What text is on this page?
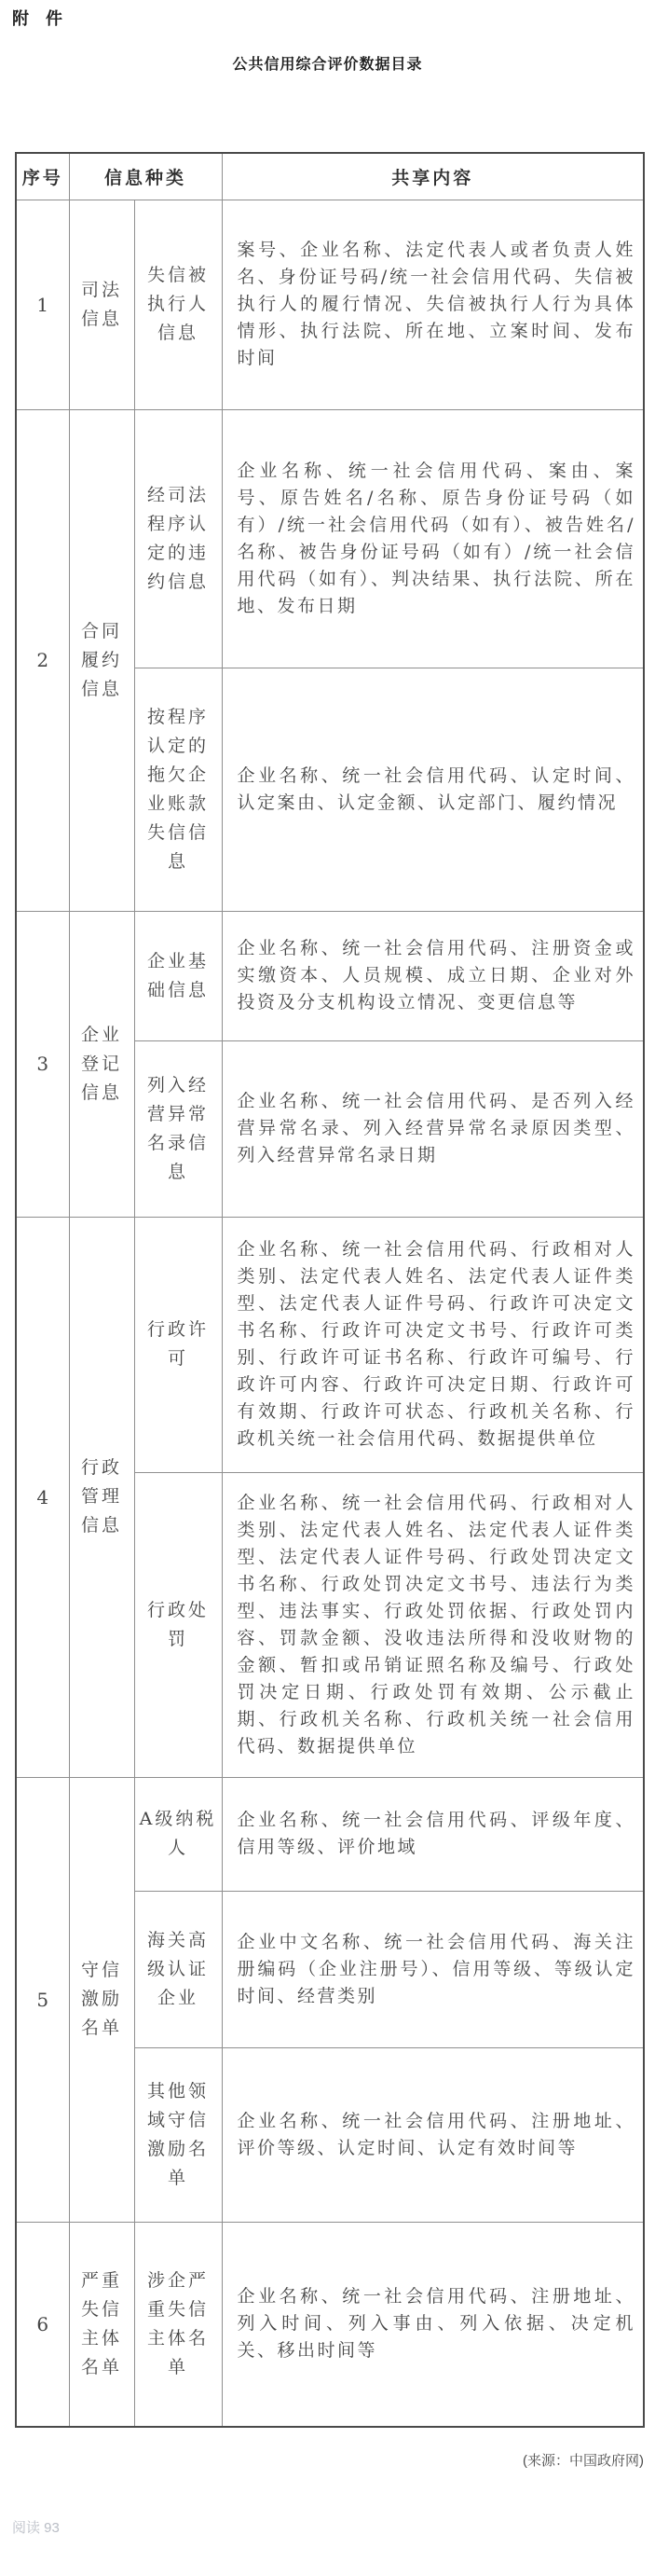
附　件
公共信用综合评价数据目录
序号	信息种类		共享内容
1	司法信息	失信被执行人信息	案号、企业名称、法定代表人或者负责人姓名、身份证号码/统一社会信用代码、失信被执行人的履行情况、失信被执行人行为具体情形、执行法院、所在地、立案时间、发布时间
2	合同履约信息	经司法程序认定的违约信息	企业名称、统一社会信用代码、案由、案号、原告姓名/名称、原告身份证号码（如有）/统一社会信用代码（如有）、被告姓名/名称、被告身份证号码（如有）/统一社会信用代码（如有）、判决结果、执行法院、所在地、发布日期
		按程序认定的拖欠企业账款失信信息	企业名称、统一社会信用代码、认定时间、认定案由、认定金额、认定部门、履约情况
3	企业登记信息	企业基础信息	企业名称、统一社会信用代码、注册资金或实缴资本、人员规模、成立日期、企业对外投资及分支机构设立情况、变更信息等
		列入经营异常名录信息	企业名称、统一社会信用代码、是否列入经营异常名录、列入经营异常名录原因类型、列入经营异常名录日期
4	行政管理信息	行政许可	企业名称、统一社会信用代码、行政相对人类别、法定代表人姓名、法定代表人证件类型、法定代表人证件号码、行政许可决定文书名称、行政许可决定文书号、行政许可类别、行政许可证书名称、行政许可编号、行政许可内容、行政许可决定日期、行政许可有效期、行政许可状态、行政机关名称、行政机关统一社会信用代码、数据提供单位
		行政处罚	企业名称、统一社会信用代码、行政相对人类别、法定代表人姓名、法定代表人证件类型、法定代表人证件号码、行政处罚决定文书名称、行政处罚决定文书号、违法行为类型、违法事实、行政处罚依据、行政处罚内容、罚款金额、没收违法所得和没收财物的金额、暂扣或吊销证照名称及编号、行政处罚决定日期、行政处罚有效期、公示截止期、行政机关名称、行政机关统一社会信用代码、数据提供单位
5	守信激励名单	A级纳税人	企业名称、统一社会信用代码、评级年度、信用等级、评价地域
		海关高级认证企业	企业中文名称、统一社会信用代码、海关注册编码（企业注册号）、信用等级、等级认定时间、经营类别
		其他领域守信激励名单	企业名称、统一社会信用代码、注册地址、评价等级、认定时间、认定有效时间等
6	严重失信主体名单	涉企严重失信主体名单	企业名称、统一社会信用代码、注册地址、列入时间、列入事由、列入依据、决定机关、移出时间等
(来源：中国政府网)
阅读 93
